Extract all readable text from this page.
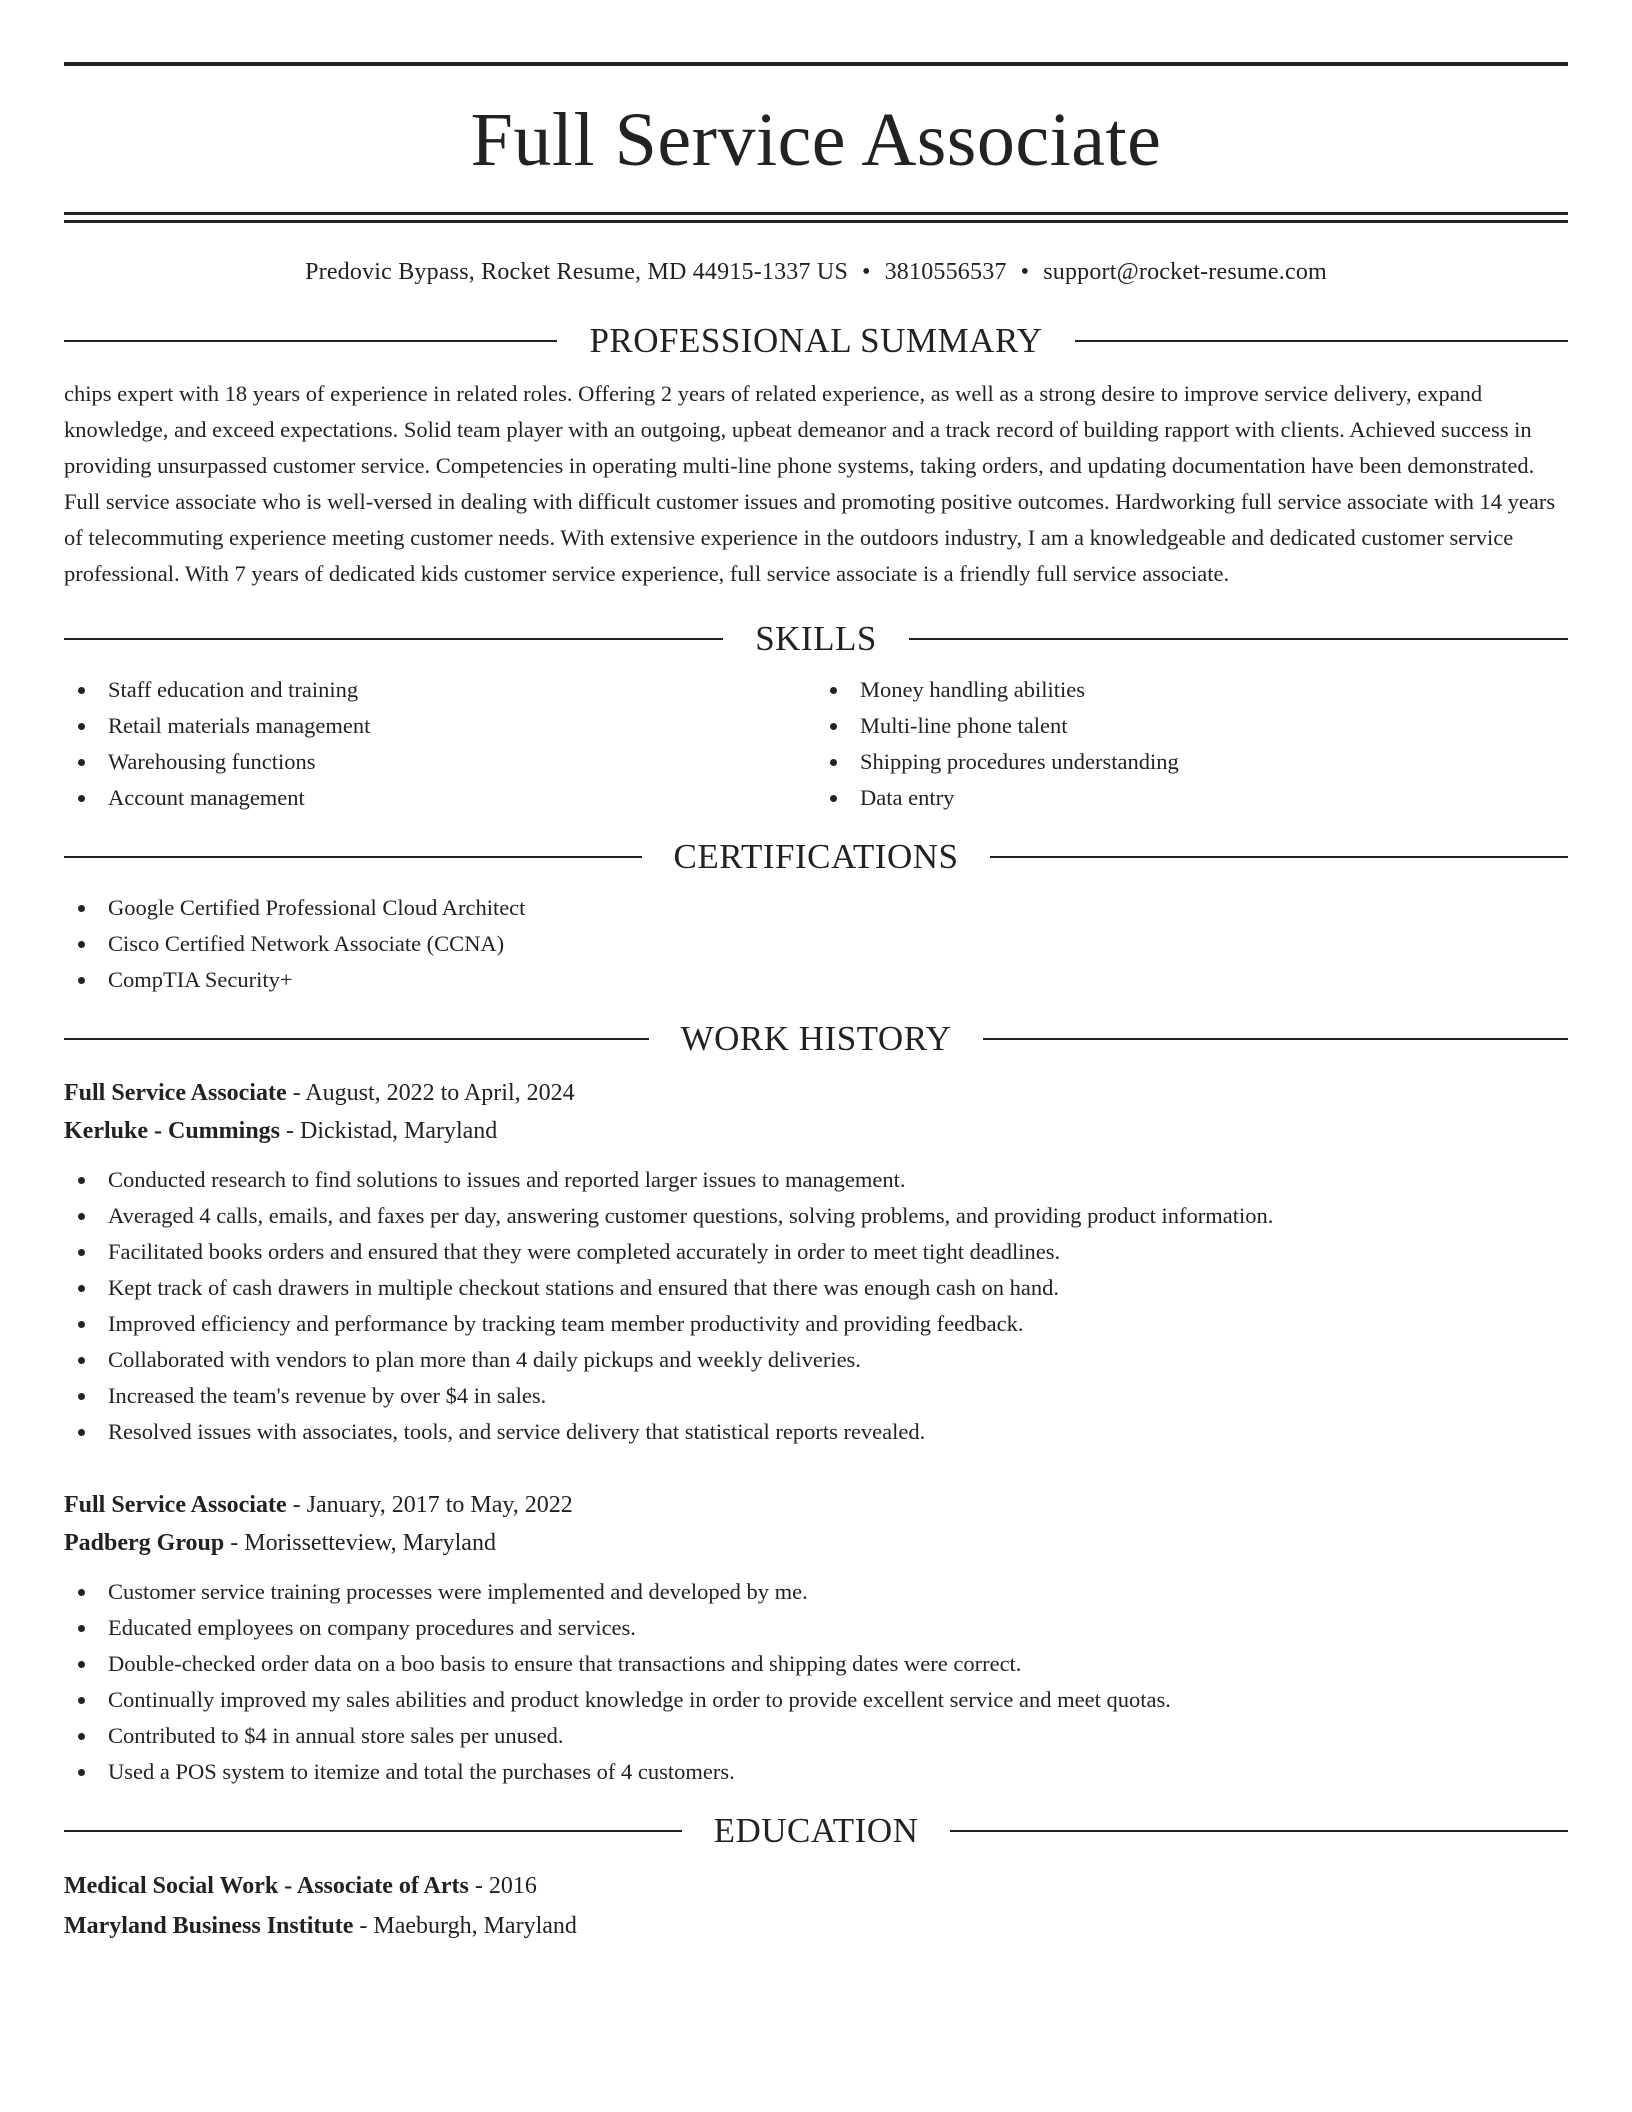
Full Service Associate
Predovic Bypass, Rocket Resume, MD 44915-1337 US • 3810556537 • support@rocket-resume.com
PROFESSIONAL SUMMARY

chips expert with 18 years of experience in related roles. Offering 2 years of related experience, as well as a strong desire to improve service delivery, expand knowledge, and exceed expectations. Solid team player with an outgoing, upbeat demeanor and a track record of building rapport with clients. Achieved success in providing unsurpassed customer service. Competencies in operating multi-line phone systems, taking orders, and updating documentation have been demonstrated. Full service associate who is well-versed in dealing with difficult customer issues and promoting positive outcomes. Hardworking full service associate with 14 years of telecommuting experience meeting customer needs. With extensive experience in the outdoors industry, I am a knowledgeable and dedicated customer service professional. With 7 years of dedicated kids customer service experience, full service associate is a friendly full service associate.

SKILLS
Staff education and training
Retail materials management
Warehousing functions
Account management
Money handling abilities
Multi-line phone talent
Shipping procedures understanding
Data entry
CERTIFICATIONS
Google Certified Professional Cloud Architect
Cisco Certified Network Associate (CCNA)
CompTIA Security+
WORK HISTORY
Full Service Associate - August, 2022 to April, 2024
Kerluke - Cummings - Dickistad, Maryland
Conducted research to find solutions to issues and reported larger issues to management.
Averaged 4 calls, emails, and faxes per day, answering customer questions, solving problems, and providing product information.
Facilitated books orders and ensured that they were completed accurately in order to meet tight deadlines.
Kept track of cash drawers in multiple checkout stations and ensured that there was enough cash on hand.
Improved efficiency and performance by tracking team member productivity and providing feedback.
Collaborated with vendors to plan more than 4 daily pickups and weekly deliveries.
Increased the team's revenue by over $4 in sales.
Resolved issues with associates, tools, and service delivery that statistical reports revealed.
Full Service Associate - January, 2017 to May, 2022
Padberg Group - Morissetteview, Maryland
Customer service training processes were implemented and developed by me.
Educated employees on company procedures and services.
Double-checked order data on a boo basis to ensure that transactions and shipping dates were correct.
Continually improved my sales abilities and product knowledge in order to provide excellent service and meet quotas.
Contributed to $4 in annual store sales per unused.
Used a POS system to itemize and total the purchases of 4 customers.
EDUCATION
Medical Social Work - Associate of Arts - 2016
Maryland Business Institute - Maeburgh, Maryland
